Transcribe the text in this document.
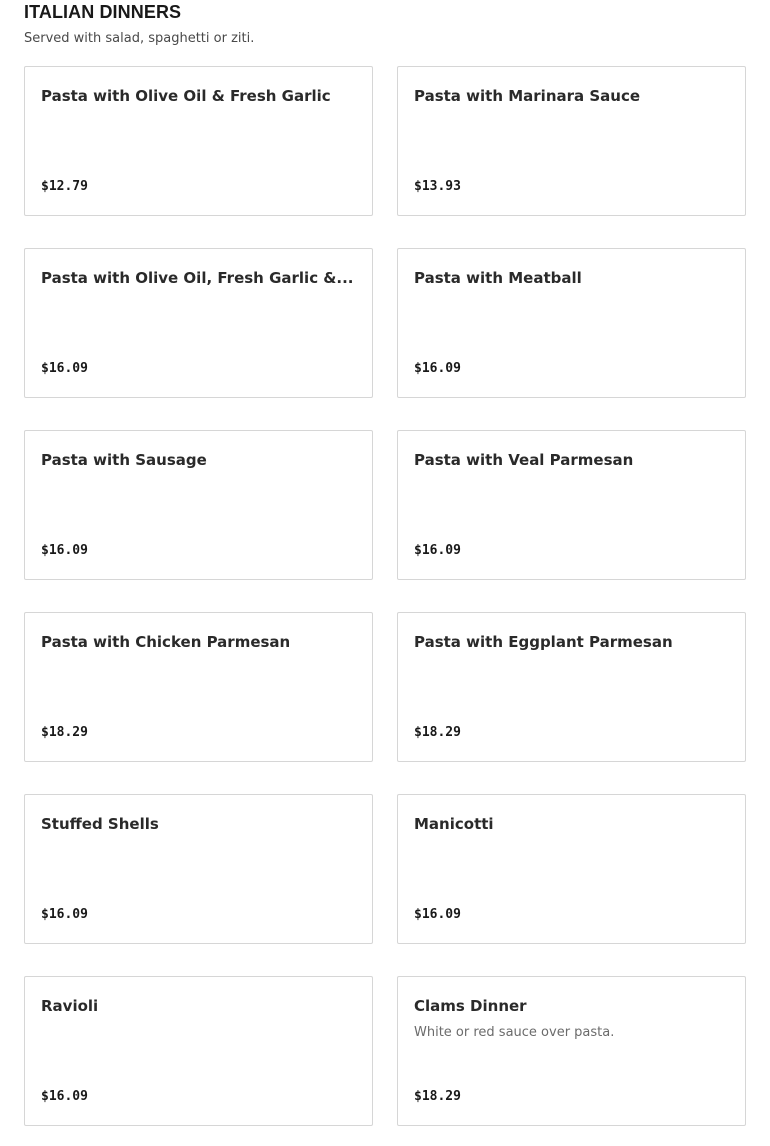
ITALIAN DINNERS

Served with salad, spaghetti or ziti.

Pasta with Olive Oil & Fresh Garlic

$12.79

Pasta with Marinara Sauce

$13.93

Pasta with Olive Oil, Fresh Garlic &...

$16.09

Pasta with Meatball

$16.09

Pasta with Sausage

$16.09

Pasta with Veal Parmesan

$16.09

Pasta with Chicken Parmesan

$18.29

Pasta with Eggplant Parmesan

$18.29

Stuffed Shells

$16.09

Manicotti

$16.09

Ravioli

$16.09

Clams Dinner

White or red sauce over pasta.

$18.29
